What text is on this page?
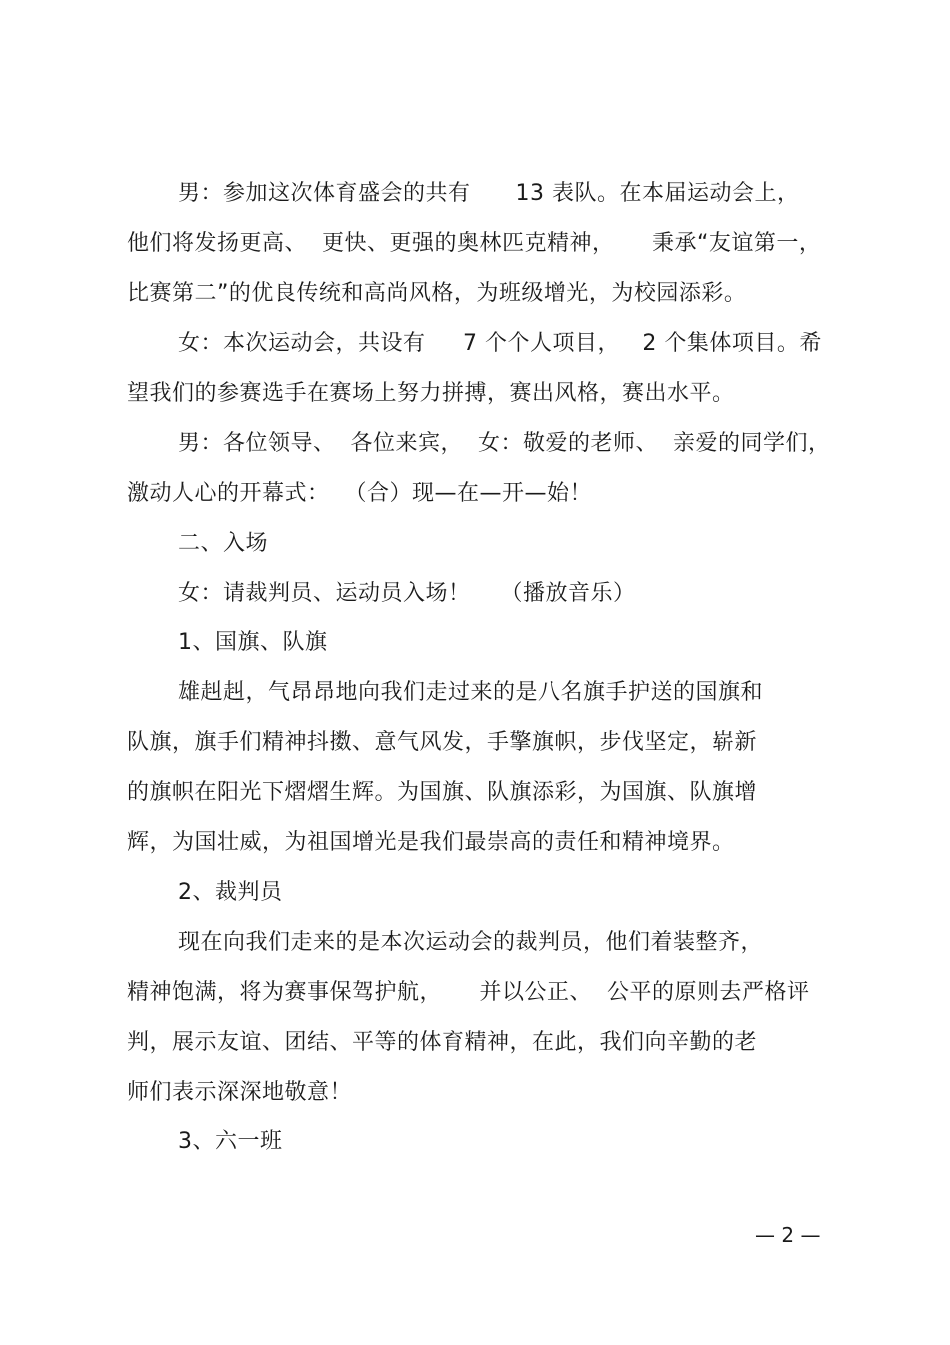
男：参加这次体育盛会的共有      13 表队。在本届运动会上，
他们将发扬更高、  更快、更强的奥林匹克精神，     秉承“友谊第一，
比赛第二”的优良传统和高尚风格，为班级增光，为校园添彩。
女：本次运动会，共设有     7 个个人项目，   2 个集体项目。希
望我们的参赛选手在赛场上努力拼搏，赛出风格，赛出水平。
男：各位领导、  各位来宾，  女：敬爱的老师、  亲爱的同学们，
激动人心的开幕式：  （合）现—在—开—始！
二、入场
女：请裁判员、运动员入场！    （播放音乐）
1、国旗、队旗
雄赳赳，气昂昂地向我们走过来的是八名旗手护送的国旗和
队旗，旗手们精神抖擞、意气风发，手擎旗帜，步伐坚定，崭新
的旗帜在阳光下熠熠生辉。为国旗、队旗添彩，为国旗、队旗增
辉，为国壮威，为祖国增光是我们最崇高的责任和精神境界。
2、裁判员
现在向我们走来的是本次运动会的裁判员，他们着装整齐，
精神饱满，将为赛事保驾护航，     并以公正、  公平的原则去严格评
判，展示友谊、团结、平等的体育精神，在此，我们向辛勤的老
师们表示深深地敬意！
3、六一班
— 2 —
